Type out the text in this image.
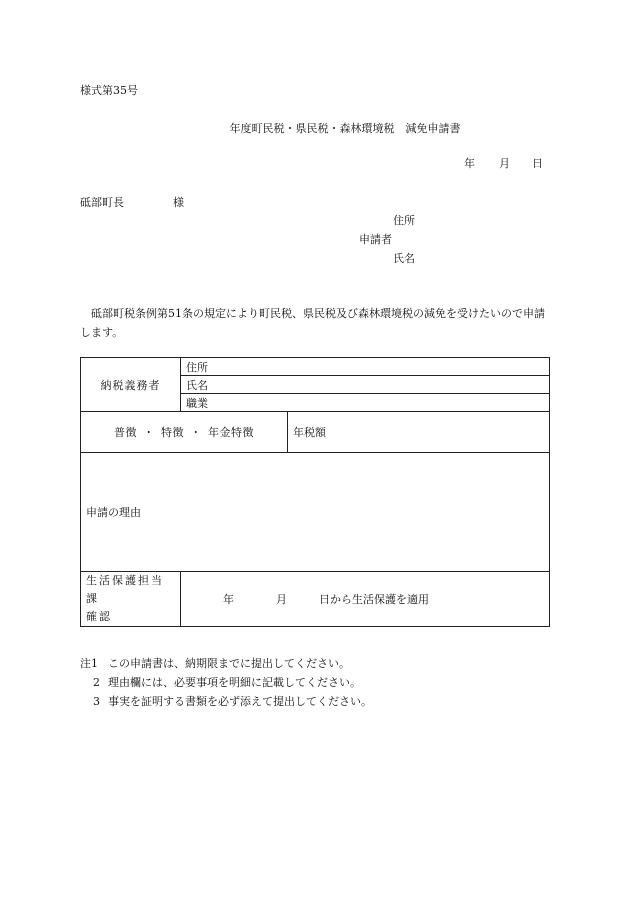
様式第35号
年度町民税・県民税・森林環境税　減免申請書
年 月 日
砥部町長	様
住所
申請者
氏名
砥部町税条例第51条の規定により町民税、県民税及び森林環境税の減免を受けたいので申請します。
納税義務者	住所	
	氏名	
	職業	
普徴 ・ 特徴 ・ 年金特徴		年税額
申請の理由		
生活保護担当課
確認	年 月 日から生活保護を適用	
注1 この申請書は、納期限までに提出してください。
2 理由欄には、必要事項を明細に記載してください。
3 事実を証明する書類を必ず添えて提出してください。
